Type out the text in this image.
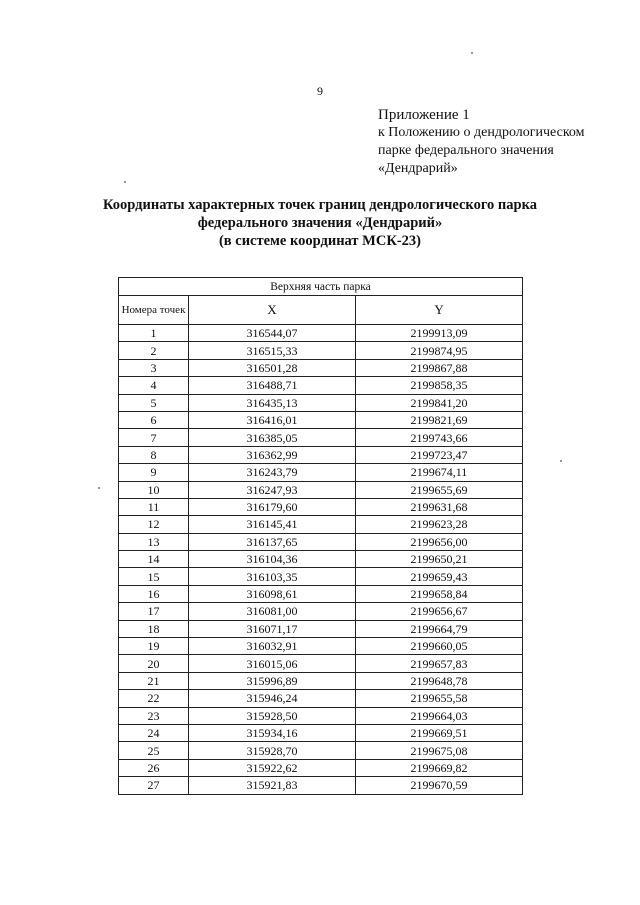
9
Приложение 1
к Положению о дендрологическом
парке федерального значения
«Дендрарий»
Координаты характерных точек границ дендрологического парка
федерального значения «Дендрарий»
(в системе координат МСК-23)
Верхняя часть парка		
Номера точек	X	Y
1	316544,07	2199913,09
2	316515,33	2199874,95
3	316501,28	2199867,88
4	316488,71	2199858,35
5	316435,13	2199841,20
6	316416,01	2199821,69
7	316385,05	2199743,66
8	316362,99	2199723,47
9	316243,79	2199674,11
10	316247,93	2199655,69
11	316179,60	2199631,68
12	316145,41	2199623,28
13	316137,65	2199656,00
14	316104,36	2199650,21
15	316103,35	2199659,43
16	316098,61	2199658,84
17	316081,00	2199656,67
18	316071,17	2199664,79
19	316032,91	2199660,05
20	316015,06	2199657,83
21	315996,89	2199648,78
22	315946,24	2199655,58
23	315928,50	2199664,03
24	315934,16	2199669,51
25	315928,70	2199675,08
26	315922,62	2199669,82
27	315921,83	2199670,59
